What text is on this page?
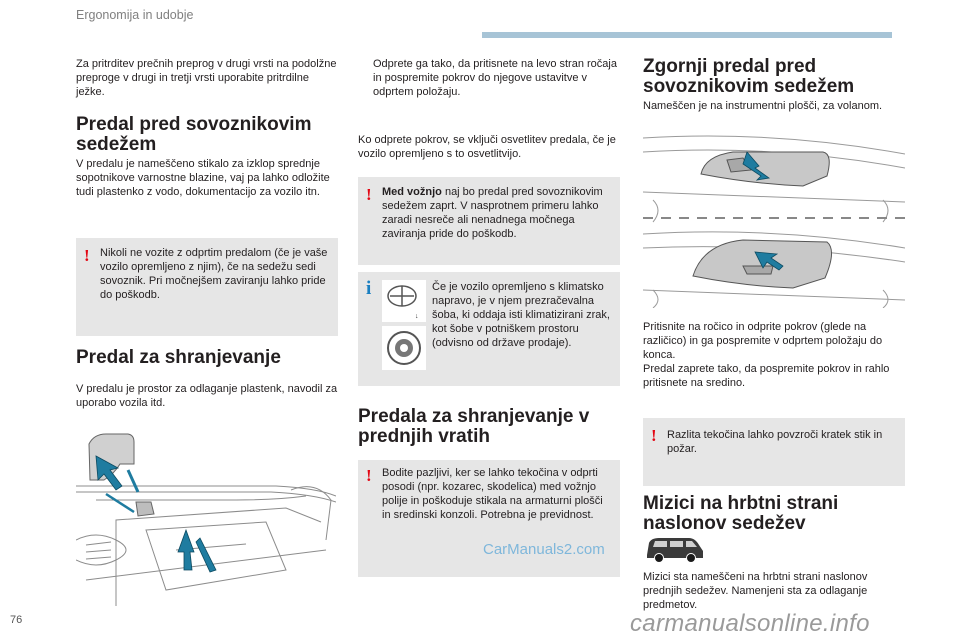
Ergonomija in udobje

Za pritrditev prečnih preprog v drugi vrsti na podolžne preproge v drugi in tretji vrsti uporabite pritrdilne ježke.

Predal pred sovoznikovim sedežem

V predalu je nameščeno stikalo za izklop sprednje sopotnikove varnostne blazine, vaj pa lahko odložite tudi plastenko z vodo, dokumentacijo za vozilo itn.

! Nikoli ne vozite z odprtim predalom (če je vaše vozilo opremljeno z njim), če na sedežu sedi sovoznik. Pri močnejšem zaviranju lahko pride do poškodb.

Predal za shranjevanje

V predalu je prostor za odlaganje plastenk, navodil za uporabo vozila itd.

Odprete ga tako, da pritisnete na levo stran ročaja in pospremite pokrov do njegove ustavitve v odprtem položaju.

Ko odprete pokrov, se vključi osvetlitev predala, če je vozilo opremljeno s to osvetlitvijo.

! Med vožnjo naj bo predal pred sovoznikovim sedežem zaprt. V nasprotnem primeru lahko zaradi nesreče ali nenadnega močnega zaviranja pride do poškodb.

i
↓

Če je vozilo opremljeno s klimatsko napravo, je v njem prezračevalna šoba, ki oddaja isti klimatizirani zrak, kot šobe v potniškem prostoru (odvisno od države prodaje).

Predala za shranjevanje v prednjih vratih
! Bodite pazljivi, ker se lahko tekočina v odprti posodi (npr. kozarec, skodelica) med vožnjo polije in poškoduje stikala na armaturni plošči in sredinski konzoli. Potrebna je previdnost.

CarManuals2.com
Zgornji predal pred sovoznikovim sedežem

Nameščen je na instrumentni plošči, za volanom.

Pritisnite na ročico in odprite pokrov (glede na različico) in ga pospremite v odprtem položaju do konca.
Predal zaprete tako, da pospremite pokrov in rahlo pritisnete na sredino.

! Razlita tekočina lahko povzroči kratek stik in požar.

Mizici na hrbtni strani naslonov sedežev

Mizici sta nameščeni na hrbtni strani naslonov prednjih sedežev. Namenjeni sta za odlaganje predmetov.

76	carmanualsonline.info
